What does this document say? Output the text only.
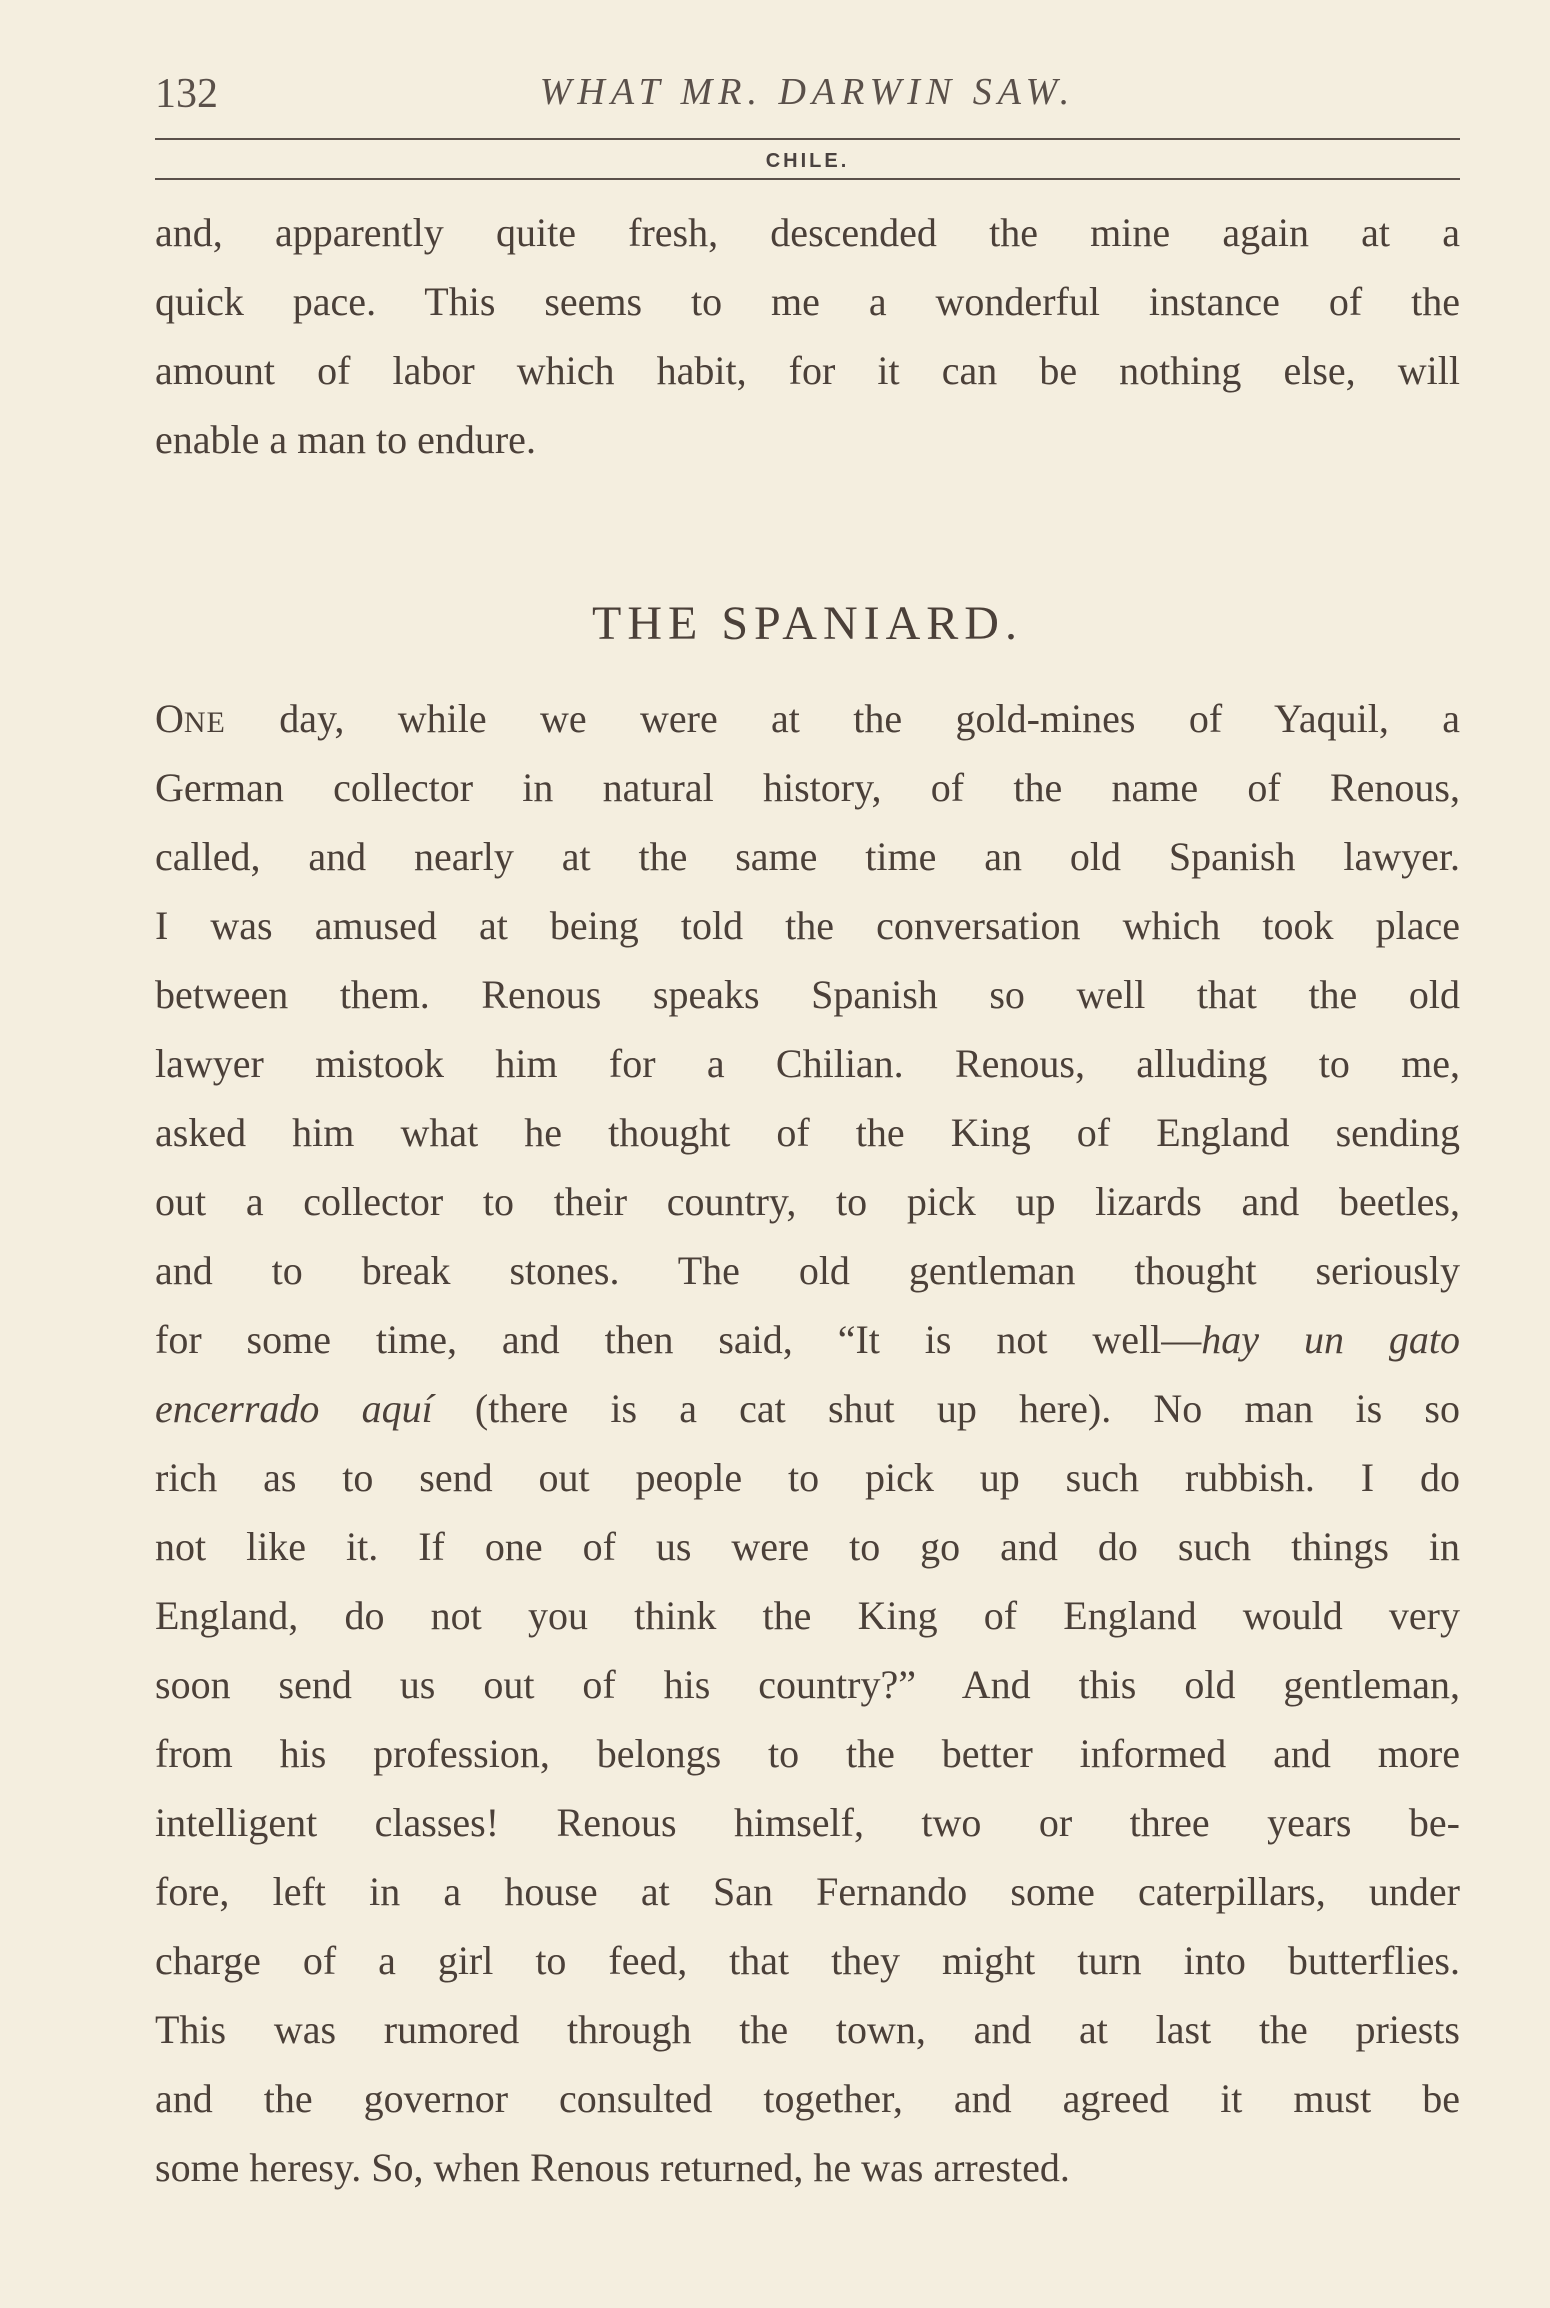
132	WHAT MR. DARWIN SAW.
CHILE.
and, apparently quite fresh, descended the mine again at a
quick pace. This seems to me a wonderful instance of the
amount of labor which habit, for it can be nothing else, will
enable a man to endure.
THE SPANIARD.
ONE day, while we were at the gold-mines of Yaquil, a
German collector in natural history, of the name of Renous,
called, and nearly at the same time an old Spanish lawyer.
I was amused at being told the conversation which took place
between them. Renous speaks Spanish so well that the old
lawyer mistook him for a Chilian. Renous, alluding to me,
asked him what he thought of the King of England sending
out a collector to their country, to pick up lizards and beetles,
and to break stones. The old gentleman thought seriously
for some time, and then said, “It is not well—hay un gato
encerrado aquí (there is a cat shut up here). No man is so
rich as to send out people to pick up such rubbish. I do
not like it. If one of us were to go and do such things in
England, do not you think the King of England would very
soon send us out of his country?” And this old gentleman,
from his profession, belongs to the better informed and more
intelligent classes! Renous himself, two or three years be-
fore, left in a house at San Fernando some caterpillars, under
charge of a girl to feed, that they might turn into butterflies.
This was rumored through the town, and at last the priests
and the governor consulted together, and agreed it must be
some heresy. So, when Renous returned, he was arrested.
